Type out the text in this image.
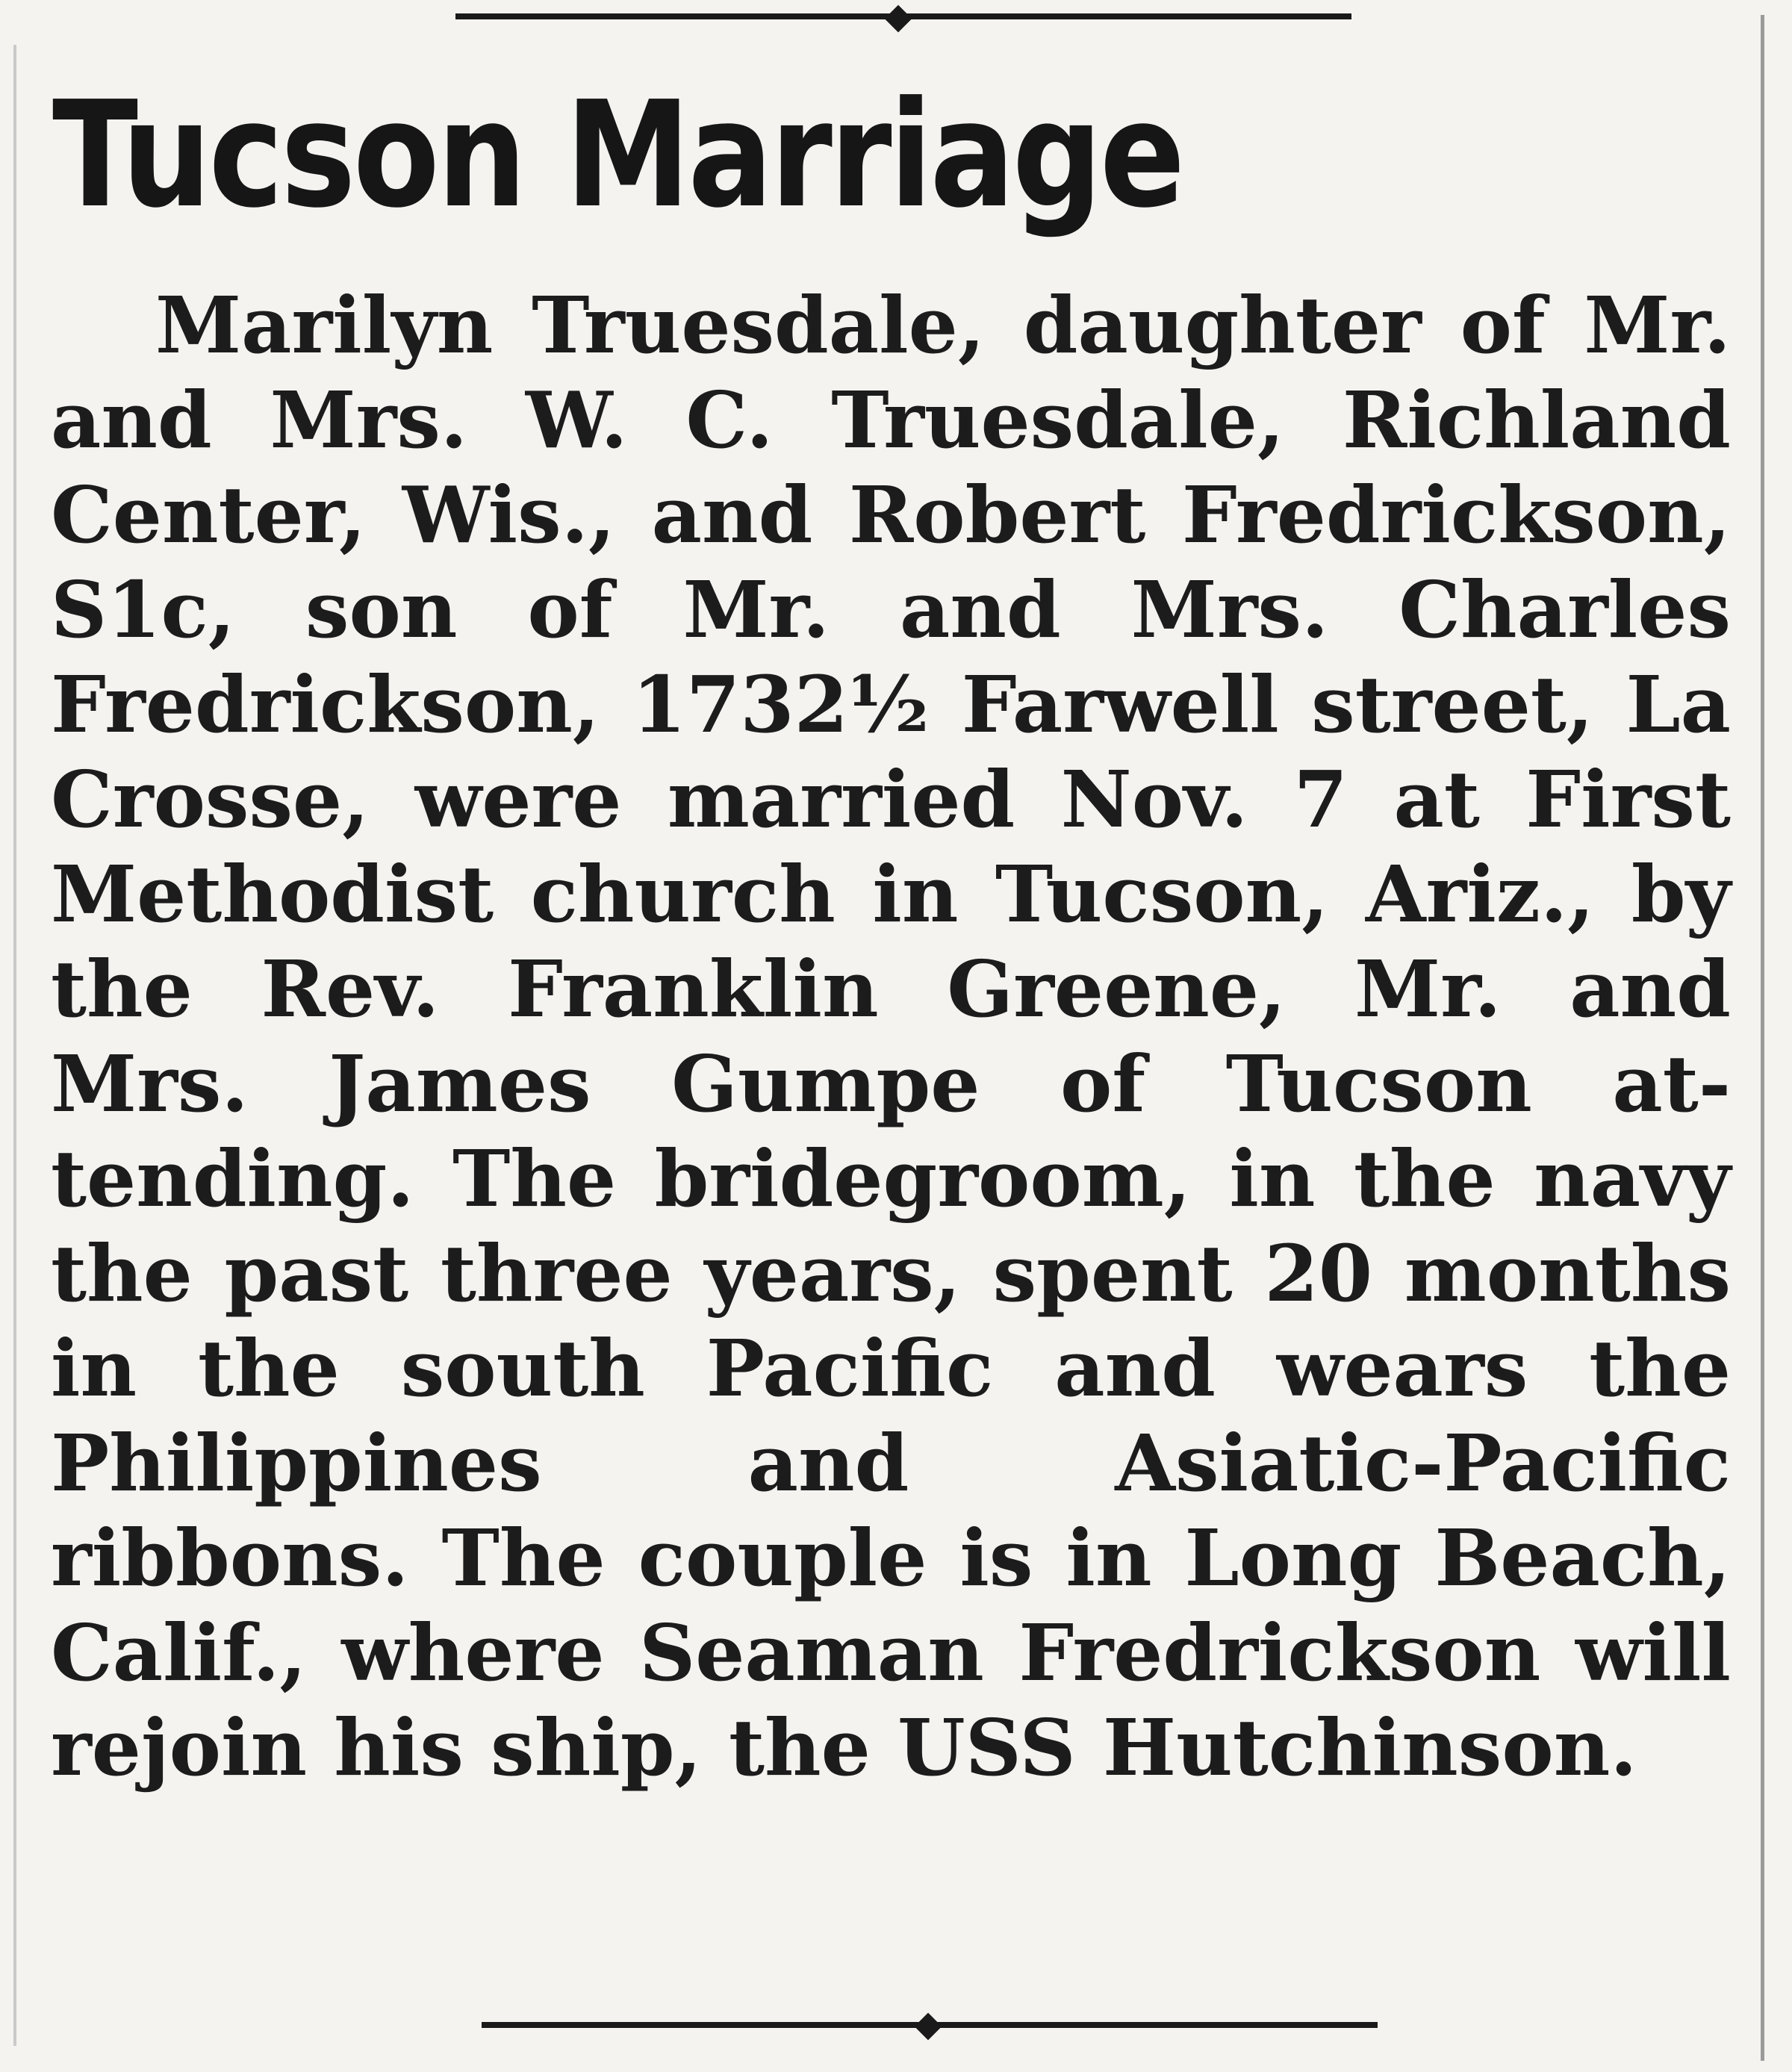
Tucson Marriage

Marilyn Truesdale, daughter of Mr. and Mrs. W. C. Truesdale, Richland Center, Wis., and Robert Fredrickson, S1c, son of Mr. and Mrs. Charles Fredrickson, 1732½ Farwell street, La Crosse, were married Nov. 7 at First Methodist church in Tucson, Ariz., by the Rev. Franklin Greene, Mr. and Mrs. James Gumpe of Tucson attending. The bridegroom, in the navy the past three years, spent 20 months in the south Pacific and wears the Philippines and Asiatic-Pacific ribbons. The couple is in Long Beach, Calif., where Seaman Fredrickson will rejoin his ship, the USS Hutchinson.
